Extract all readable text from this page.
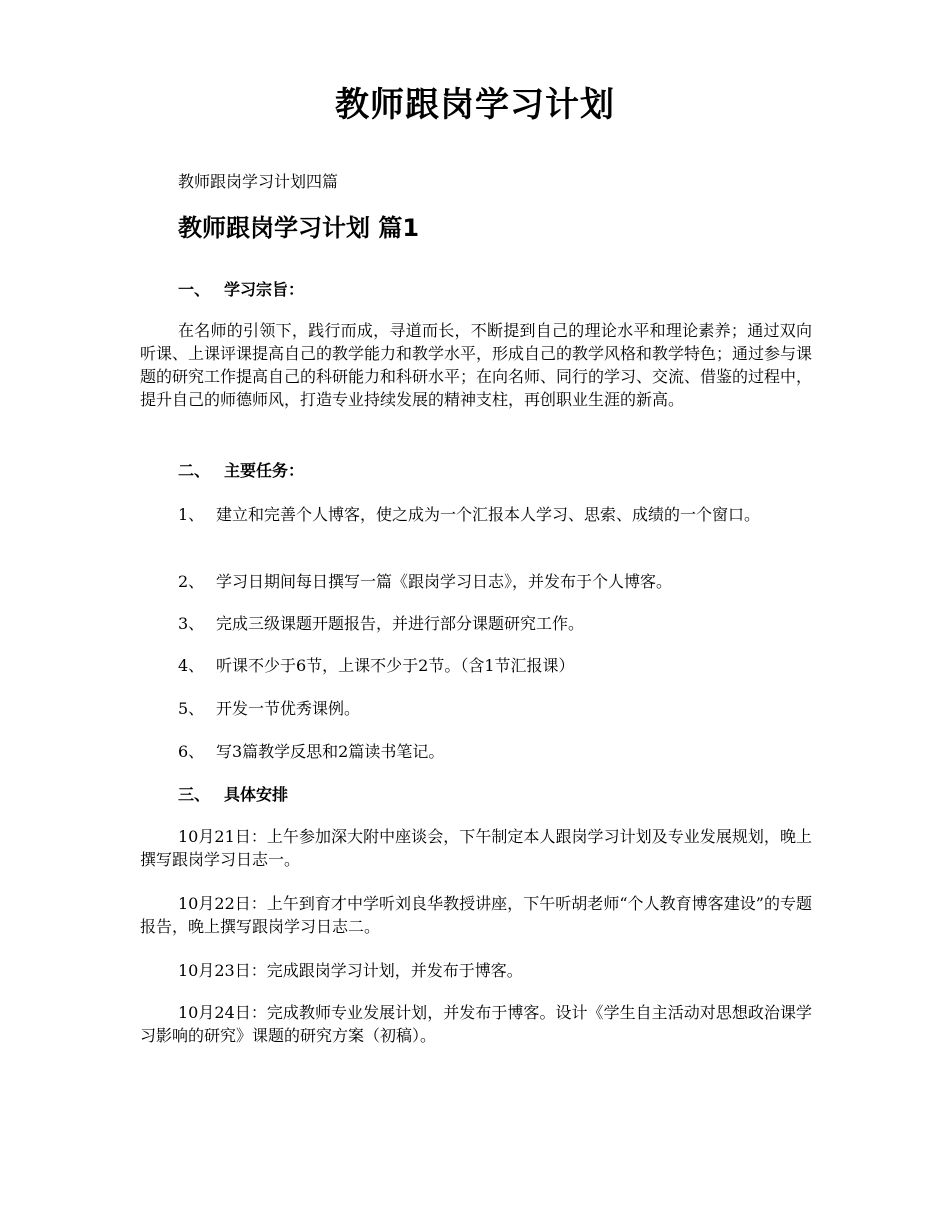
教师跟岗学习计划
教师跟岗学习计划四篇
教师跟岗学习计划 篇1
一、 学习宗旨：
在名师的引领下，践行而成，寻道而长，不断提到自己的理论水平和理论素养；通过双向听课、上课评课提高自己的教学能力和教学水平，形成自己的教学风格和教学特色；通过参与课题的研究工作提高自己的科研能力和科研水平；在向名师、同行的学习、交流、借鉴的过程中，提升自己的师德师风，打造专业持续发展的精神支柱，再创职业生涯的新高。
二、 主要任务：
1、 建立和完善个人博客，使之成为一个汇报本人学习、思索、成绩的一个窗口。
2、 学习日期间每日撰写一篇《跟岗学习日志》，并发布于个人博客。
3、 完成三级课题开题报告，并进行部分课题研究工作。
4、 听课不少于6节，上课不少于2节。（含1节汇报课）
5、 开发一节优秀课例。
6、 写3篇教学反思和2篇读书笔记。
三、 具体安排
10月21日：上午参加深大附中座谈会，下午制定本人跟岗学习计划及专业发展规划，晚上撰写跟岗学习日志一。
10月22日：上午到育才中学听刘良华教授讲座，下午听胡老师“个人教育博客建设”的专题报告，晚上撰写跟岗学习日志二。
10月23日：完成跟岗学习计划，并发布于博客。
10月24日：完成教师专业发展计划，并发布于博客。设计《学生自主活动对思想政治课学习影响的研究》课题的研究方案（初稿）。
